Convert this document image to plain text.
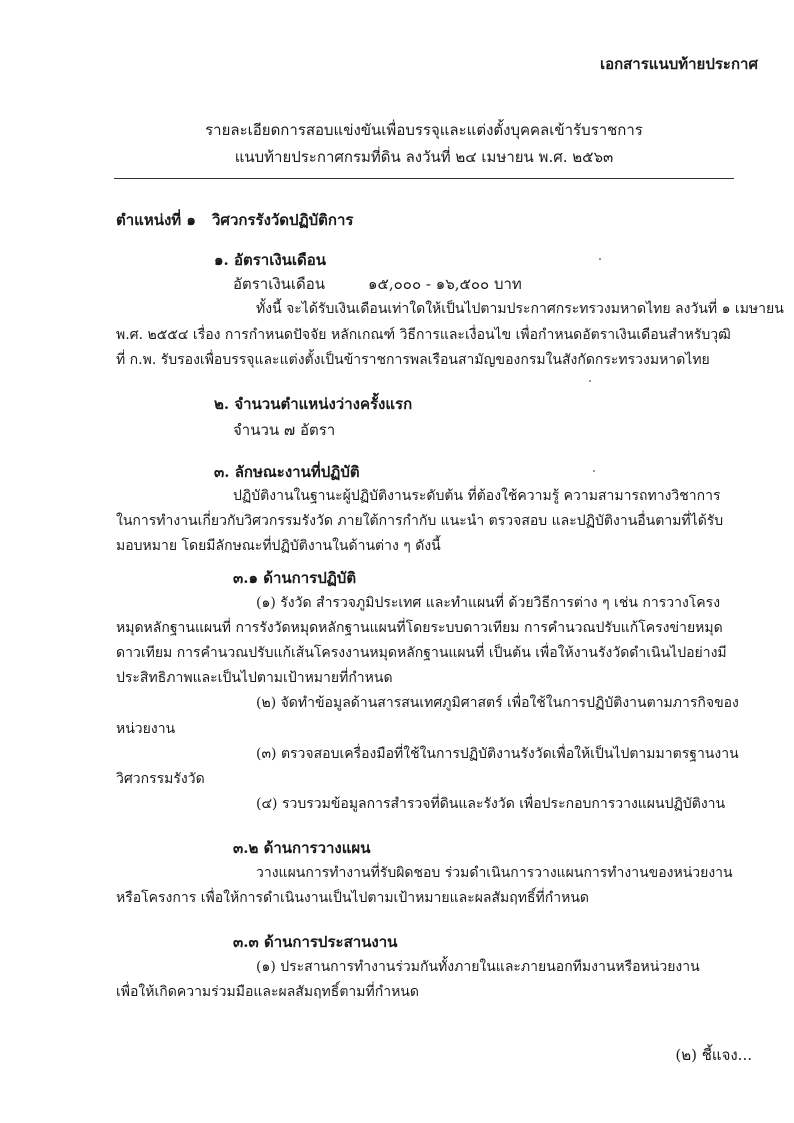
เอกสารแนบท้ายประกาศ
รายละเอียดการสอบแข่งขันเพื่อบรรจุและแต่งตั้งบุคคลเข้ารับราชการ
แนบท้ายประกาศกรมที่ดิน ลงวันที่ ๒๔ เมษายน พ.ศ. ๒๕๖๓
ตำแหน่งที่ ๑ วิศวกรรังวัดปฏิบัติการ
๑. อัตราเงินเดือน
อัตราเงินเดือน	๑๕,๐๐๐ - ๑๖,๕๐๐ บาท
ทั้งนี้ จะได้รับเงินเดือนเท่าใดให้เป็นไปตามประกาศกระทรวงมหาดไทย ลงวันที่ ๑ เมษายน
พ.ศ. ๒๕๕๔ เรื่อง การกำหนดปัจจัย หลักเกณฑ์ วิธีการและเงื่อนไข เพื่อกำหนดอัตราเงินเดือนสำหรับวุฒิ
ที่ ก.พ. รับรองเพื่อบรรจุและแต่งตั้งเป็นข้าราชการพลเรือนสามัญของกรมในสังกัดกระทรวงมหาดไทย
๒. จำนวนตำแหน่งว่างครั้งแรก
จำนวน ๗ อัตรา
๓. ลักษณะงานที่ปฏิบัติ
ปฏิบัติงานในฐานะผู้ปฏิบัติงานระดับต้น ที่ต้องใช้ความรู้ ความสามารถทางวิชาการ
ในการทำงานเกี่ยวกับวิศวกรรมรังวัด ภายใต้การกำกับ แนะนำ ตรวจสอบ และปฏิบัติงานอื่นตามที่ได้รับ
มอบหมาย โดยมีลักษณะที่ปฏิบัติงานในด้านต่าง ๆ ดังนี้
๓.๑ ด้านการปฏิบัติ
(๑) รังวัด สำรวจภูมิประเทศ และทำแผนที่ ด้วยวิธีการต่าง ๆ เช่น การวางโครง
หมุดหลักฐานแผนที่ การรังวัดหมุดหลักฐานแผนที่โดยระบบดาวเทียม การคำนวณปรับแก้โครงข่ายหมุด
ดาวเทียม การคำนวณปรับแก้เส้นโครงงานหมุดหลักฐานแผนที่ เป็นต้น เพื่อให้งานรังวัดดำเนินไปอย่างมี
ประสิทธิภาพและเป็นไปตามเป้าหมายที่กำหนด
(๒) จัดทำข้อมูลด้านสารสนเทศภูมิศาสตร์ เพื่อใช้ในการปฏิบัติงานตามภารกิจของ
หน่วยงาน
(๓) ตรวจสอบเครื่องมือที่ใช้ในการปฏิบัติงานรังวัดเพื่อให้เป็นไปตามมาตรฐานงาน
วิศวกรรมรังวัด
(๔) รวบรวมข้อมูลการสำรวจที่ดินและรังวัด เพื่อประกอบการวางแผนปฏิบัติงาน
๓.๒ ด้านการวางแผน
วางแผนการทำงานที่รับผิดชอบ ร่วมดำเนินการวางแผนการทำงานของหน่วยงาน
หรือโครงการ เพื่อให้การดำเนินงานเป็นไปตามเป้าหมายและผลสัมฤทธิ์ที่กำหนด
๓.๓ ด้านการประสานงาน
(๑) ประสานการทำงานร่วมกันทั้งภายในและภายนอกทีมงานหรือหน่วยงาน
เพื่อให้เกิดความร่วมมือและผลสัมฤทธิ์ตามที่กำหนด
(๒) ชี้แจง...
